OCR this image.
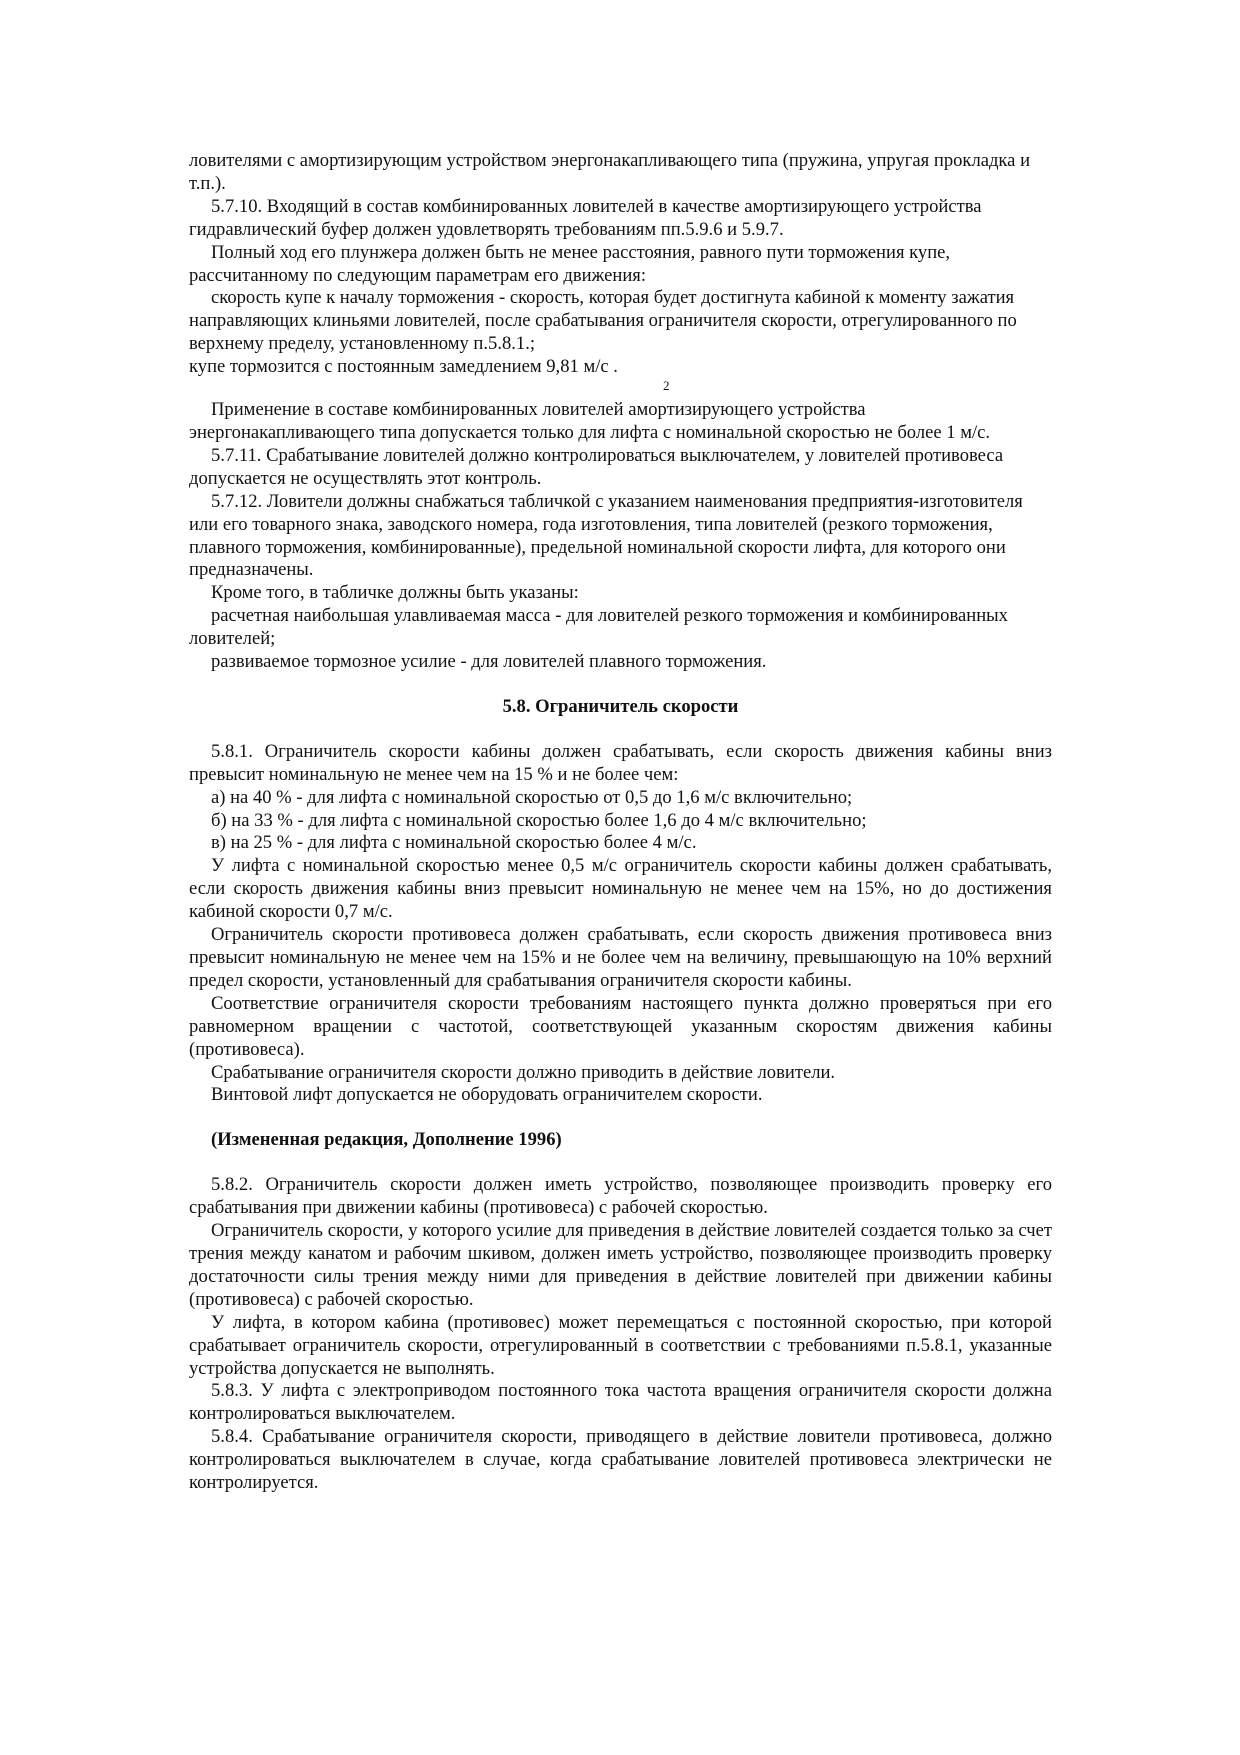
ловителями с амортизирующим устройством энергонакапливающего типа (пружина, упругая прокладка и т.п.).

5.7.10. Входящий в состав комбинированных ловителей в качестве амортизирующего устройства гидравлический буфер должен удовлетворять требованиям пп.5.9.6 и 5.9.7.

Полный ход его плунжера должен быть не менее расстояния, равного пути торможения купе, рассчитанному по следующим параметрам его движения:

скорость купе к началу торможения - скорость, которая будет достигнута кабиной к моменту зажатия направляющих клиньями ловителей, после срабатывания ограничителя скорости, отрегулированного по верхнему пределу, установленному п.5.8.1.;

купе тормозится с постоянным замедлением 9,81 м/с .
2

Применение в составе комбинированных ловителей амортизирующего устройства энергонакапливающего типа допускается только для лифта с номинальной скоростью не более 1 м/с.

5.7.11. Срабатывание ловителей должно контролироваться выключателем, у ловителей противовеса допускается не осуществлять этот контроль.

5.7.12. Ловители должны снабжаться табличкой с указанием наименования предприятия-изготовителя или его товарного знака, заводского номера, года изготовления, типа ловителей (резкого торможения, плавного торможения, комбинированные), предельной номинальной скорости лифта, для которого они предназначены.

Кроме того, в табличке должны быть указаны:

расчетная наибольшая улавливаемая масса - для ловителей резкого торможения и комбинированных ловителей;

развиваемое тормозное усилие - для ловителей плавного торможения.

5.8. Ограничитель скорости

5.8.1. Ограничитель скорости кабины должен срабатывать, если скорость движения кабины вниз превысит номинальную не менее чем на 15 % и не более чем:

а) на 40 % - для лифта с номинальной скоростью от 0,5 до 1,6 м/с включительно;

б) на 33 % - для лифта с номинальной скоростью более 1,6 до 4 м/с включительно;

в) на 25 % - для лифта с номинальной скоростью более 4 м/с.

У лифта с номинальной скоростью менее 0,5 м/с ограничитель скорости кабины должен срабатывать, если скорость движения кабины вниз превысит номинальную не менее чем на 15%, но до достижения кабиной скорости 0,7 м/с.

Ограничитель скорости противовеса должен срабатывать, если скорость движения противовеса вниз превысит номинальную не менее чем на 15% и не более чем на величину, превышающую на 10% верхний предел скорости, установленный для срабатывания ограничителя скорости кабины.

Соответствие ограничителя скорости требованиям настоящего пункта должно проверяться при его равномерном вращении с частотой, соответствующей указанным скоростям движения кабины (противовеса).

Срабатывание ограничителя скорости должно приводить в действие ловители.

Винтовой лифт допускается не оборудовать ограничителем скорости.

(Измененная редакция, Дополнение 1996)

5.8.2. Ограничитель скорости должен иметь устройство, позволяющее производить проверку его срабатывания при движении кабины (противовеса) с рабочей скоростью.

Ограничитель скорости, у которого усилие для приведения в действие ловителей создается только за счет трения между канатом и рабочим шкивом, должен иметь устройство, позволяющее производить проверку достаточности силы трения между ними для приведения в действие ловителей при движении кабины (противовеса) с рабочей скоростью.

У лифта, в котором кабина (противовес) может перемещаться с постоянной скоростью, при которой срабатывает ограничитель скорости, отрегулированный в соответствии с требованиями п.5.8.1, указанные устройства допускается не выполнять.

5.8.3. У лифта с электроприводом постоянного тока частота вращения ограничителя скорости должна контролироваться выключателем.

5.8.4. Срабатывание ограничителя скорости, приводящего в действие ловители противовеса, должно контролироваться выключателем в случае, когда срабатывание ловителей противовеса электрически не контролируется.
